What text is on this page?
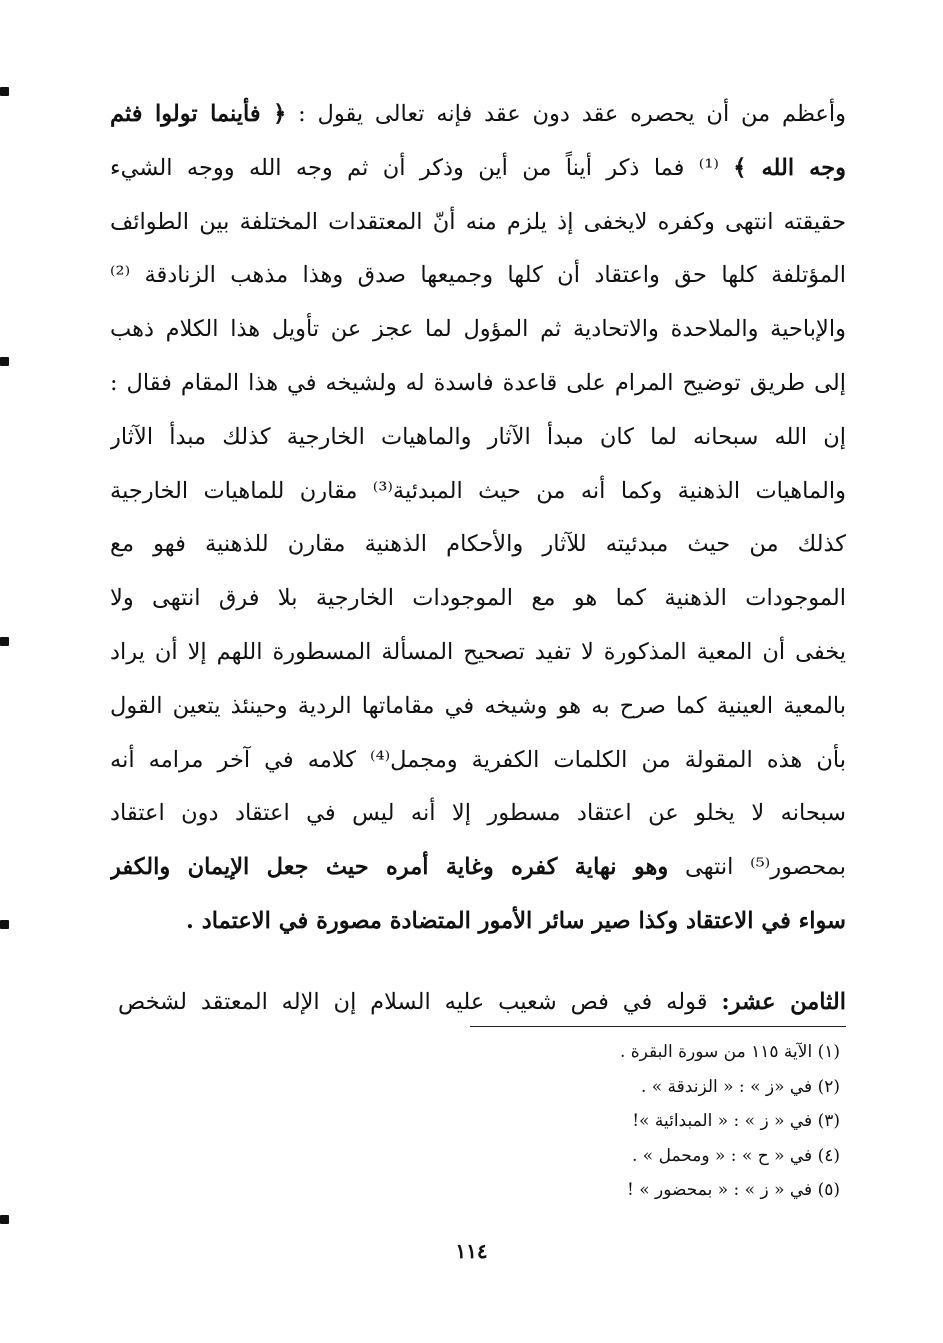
وأعظم من أن يحصره عقد دون عقد فإنه تعالى يقول : ﴿ فأينما تولوا فثم
وجه الله ﴾ ⁽¹⁾ فما ذكر أيناً من أين وذكر أن ثم وجه الله ووجه الشيء
حقيقته انتهى وكفره لايخفى إذ يلزم منه أنّ المعتقدات المختلفة بين الطوائف
المؤتلفة كلها حق واعتقاد أن كلها وجميعها صدق وهذا مذهب الزنادقة ⁽²⁾
والإباحية والملاحدة والاتحادية ثم المؤول لما عجز عن تأويل هذا الكلام ذهب
إلى طريق توضيح المرام على قاعدة فاسدة له ولشيخه في هذا المقام فقال :
إن الله سبحانه لما كان مبدأ الآثار والماهيات الخارجية كذلك مبدأ الآثار
والماهيات الذهنية وكما أنه من حيث المبدئية⁽³⁾ مقارن للماهيات الخارجية
كذلك من حيث مبدئيته للآثار والأحكام الذهنية مقارن للذهنية فهو مع
الموجودات الذهنية كما هو مع الموجودات الخارجية بلا فرق انتهى ولا
يخفى أن المعية المذكورة لا تفيد تصحيح المسألة المسطورة اللهم إلا أن يراد
بالمعية العينية كما صرح به هو وشيخه في مقاماتها الردية وحينئذ يتعين القول
بأن هذه المقولة من الكلمات الكفرية ومجمل⁽⁴⁾ كلامه في آخر مرامه أنه
سبحانه لا يخلو عن اعتقاد مسطور إلا أنه ليس في اعتقاد دون اعتقاد
بمحصور⁽⁵⁾ انتهى وهو نهاية كفره وغاية أمره حيث جعل الإيمان والكفر
سواء في الاعتقاد وكذا صير سائر الأمور المتضادة مصورة في الاعتماد .
الثامن عشر: قوله في فص شعيب عليه السلام إن الإله المعتقد لشخص
(١) الآية ١١٥ من سورة البقرة .
(٢) في «ز » : « الزندقة » .
(٣) في « ز » : « المبدائية »!
(٤) في « ح » : « ومحمل » .
(٥) في « ز » : « بمحضور » !
١١٤
